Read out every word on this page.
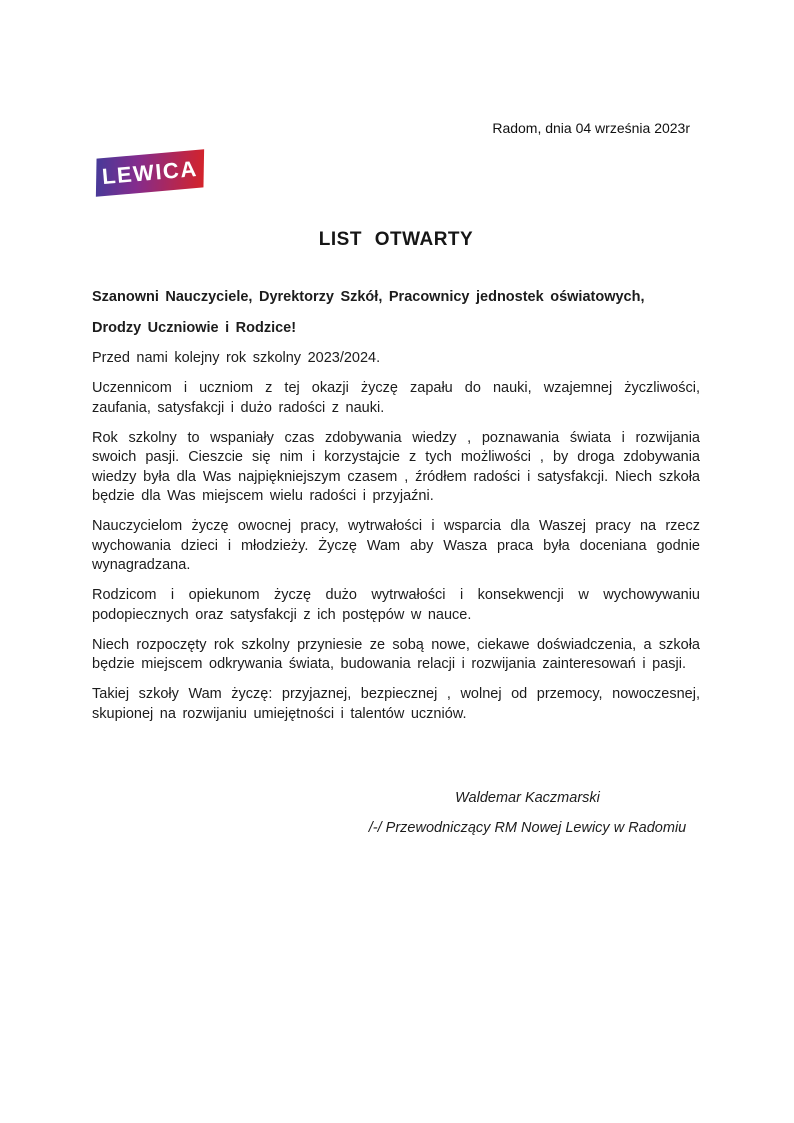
Radom, dnia 04 września 2023r
LEWICA
LIST OTWARTY

Szanowni Nauczyciele, Dyrektorzy Szkół, Pracownicy jednostek oświatowych,

Drodzy Uczniowie i Rodzice!

Przed nami kolejny rok szkolny 2023/2024.

Uczennicom i uczniom z tej okazji życzę zapału do nauki, wzajemnej życzliwości, zaufania, satysfakcji i dużo radości z nauki.

Rok szkolny to wspaniały czas zdobywania wiedzy , poznawania świata i rozwijania swoich pasji. Cieszcie się nim i korzystajcie z tych możliwości , by droga zdobywania wiedzy była dla Was najpiękniejszym czasem , źródłem radości i satysfakcji. Niech szkoła będzie dla Was miejscem wielu radości i przyjaźni.

Nauczycielom życzę owocnej pracy, wytrwałości i wsparcia dla Waszej pracy na rzecz wychowania dzieci i młodzieży. Życzę Wam aby Wasza praca była doceniana godnie wynagradzana.

Rodzicom i opiekunom życzę dużo wytrwałości i konsekwencji w wychowywaniu podopiecznych oraz satysfakcji z ich postępów w nauce.

Niech rozpoczęty rok szkolny przyniesie ze sobą nowe, ciekawe doświadczenia, a szkoła będzie miejscem odkrywania świata, budowania relacji i rozwijania zainteresowań i pasji.

Takiej szkoły Wam życzę: przyjaznej, bezpiecznej , wolnej od przemocy, nowoczesnej, skupionej na rozwijaniu umiejętności i talentów uczniów.

Waldemar Kaczmarski

/-/ Przewodniczący RM Nowej Lewicy w Radomiu
